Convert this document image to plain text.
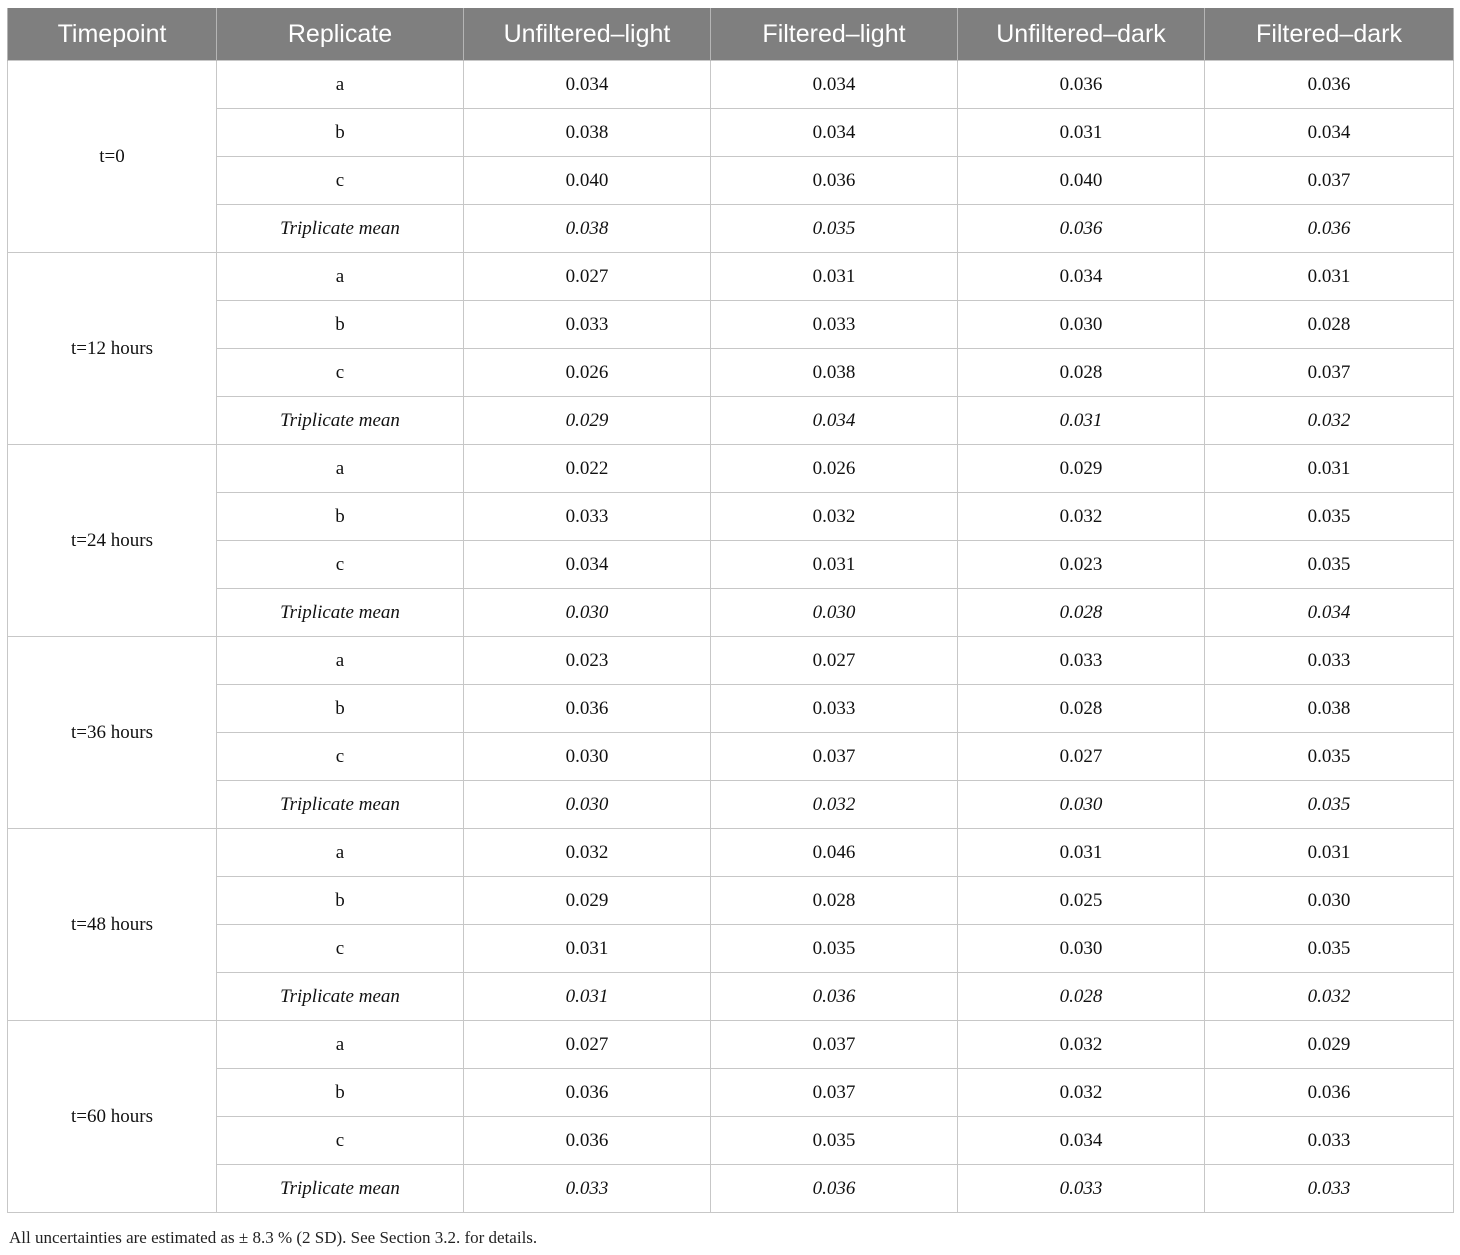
Timepoint	Replicate	Unfiltered–light	Filtered–light	Unfiltered–dark	Filtered–dark
t=0	a	0.034	0.034	0.036	0.036
	b	0.038	0.034	0.031	0.034
	c	0.040	0.036	0.040	0.037
	Triplicate mean	0.038	0.035	0.036	0.036
t=12 hours	a	0.027	0.031	0.034	0.031
	b	0.033	0.033	0.030	0.028
	c	0.026	0.038	0.028	0.037
	Triplicate mean	0.029	0.034	0.031	0.032
t=24 hours	a	0.022	0.026	0.029	0.031
	b	0.033	0.032	0.032	0.035
	c	0.034	0.031	0.023	0.035
	Triplicate mean	0.030	0.030	0.028	0.034
t=36 hours	a	0.023	0.027	0.033	0.033
	b	0.036	0.033	0.028	0.038
	c	0.030	0.037	0.027	0.035
	Triplicate mean	0.030	0.032	0.030	0.035
t=48 hours	a	0.032	0.046	0.031	0.031
	b	0.029	0.028	0.025	0.030
	c	0.031	0.035	0.030	0.035
	Triplicate mean	0.031	0.036	0.028	0.032
t=60 hours	a	0.027	0.037	0.032	0.029
	b	0.036	0.037	0.032	0.036
	c	0.036	0.035	0.034	0.033
	Triplicate mean	0.033	0.036	0.033	0.033
All uncertainties are estimated as ± 8.3 % (2 SD). See Section 3.2. for details.
